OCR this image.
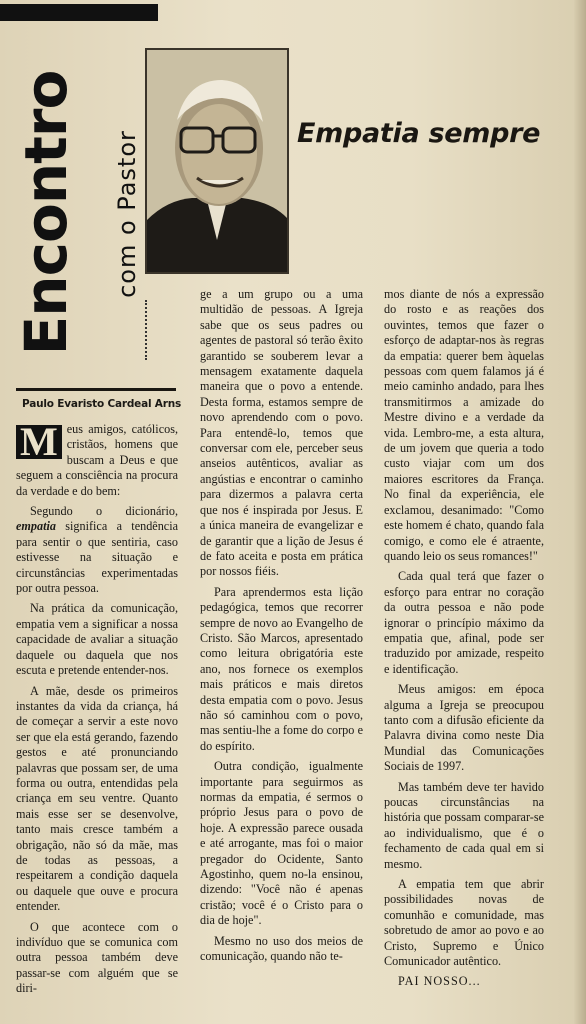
Encontro com o Pastor	Empatia sempre
Paulo Evaristo Cardeal Arns

M eus amigos, católicos, cristãos, homens que buscam a Deus e que seguem a consciência na procura da verdade e do bem:

Segundo o dicionário, empatia significa a tendência para sentir o que sentiria, caso estivesse na situação e circunstâncias experimentadas por outra pessoa.

Na prática da comunicação, empatia vem a significar a nossa capacidade de avaliar a situação daquele ou daquela que nos escuta e pretende entender-nos.

A mãe, desde os primeiros instantes da vida da criança, há de começar a servir a este novo ser que ela está gerando, fazendo gestos e até pronunciando palavras que possam ser, de uma forma ou outra, entendidas pela criança em seu ventre. Quanto mais esse ser se desenvolve, tanto mais cresce também a obrigação, não só da mãe, mas de todas as pessoas, a respeitarem a condição daquela ou daquele que ouve e procura entender.

O que acontece com o indivíduo que se comunica com outra pessoa também deve passar-se com alguém que se diri-

ge a um grupo ou a uma multidão de pessoas. A Igreja sabe que os seus padres ou agentes de pastoral só terão êxito garantido se souberem levar a mensagem exatamente daquela maneira que o povo a entende. Desta forma, estamos sempre de novo aprendendo com o povo. Para entendê-lo, temos que conversar com ele, perceber seus anseios autênticos, avaliar as angústias e encontrar o caminho para dizermos a palavra certa que nos é inspirada por Jesus. E a única maneira de evangelizar e de garantir que a lição de Jesus é de fato aceita e posta em prática por nossos fiéis.

Para aprendermos esta lição pedagógica, temos que recorrer sempre de novo ao Evangelho de Cristo. São Marcos, apresentado como leitura obrigatória este ano, nos fornece os exemplos mais práticos e mais diretos desta empatia com o povo. Jesus não só caminhou com o povo, mas sentiu-lhe a fome do corpo e do espírito.

Outra condição, igualmente importante para seguirmos as normas da empatia, é sermos o próprio Jesus para o povo de hoje. A expressão parece ousada e até arrogante, mas foi o maior pregador do Ocidente, Santo Agostinho, quem no-la ensinou, dizendo: "Você não é apenas cristão; você é o Cristo para o dia de hoje".

Mesmo no uso dos meios de comunicação, quando não te-

mos diante de nós a expressão do rosto e as reações dos ouvintes, temos que fazer o esforço de adaptar-nos às regras da empatia: querer bem àquelas pessoas com quem falamos já é meio caminho andado, para lhes transmitirmos a amizade do Mestre divino e a verdade da vida. Lembro-me, a esta altura, de um jovem que queria a todo custo viajar com um dos maiores escritores da França. No final da experiência, ele exclamou, desanimado: "Como este homem é chato, quando fala comigo, e como ele é atraente, quando leio os seus romances!"

Cada qual terá que fazer o esforço para entrar no coração da outra pessoa e não pode ignorar o princípio máximo da empatia que, afinal, pode ser traduzido por amizade, respeito e identificação.

Meus amigos: em época alguma a Igreja se preocupou tanto com a difusão eficiente da Palavra divina como neste Dia Mundial das Comunicações Sociais de 1997.

Mas também deve ter havido poucas circunstâncias na história que possam comparar-se ao individualismo, que é o fechamento de cada qual em si mesmo.

A empatia tem que abrir possibilidades novas de comunhão e comunidade, mas sobretudo de amor ao povo e ao Cristo, Supremo e Único Comunicador autêntico.

PAI NOSSO...
